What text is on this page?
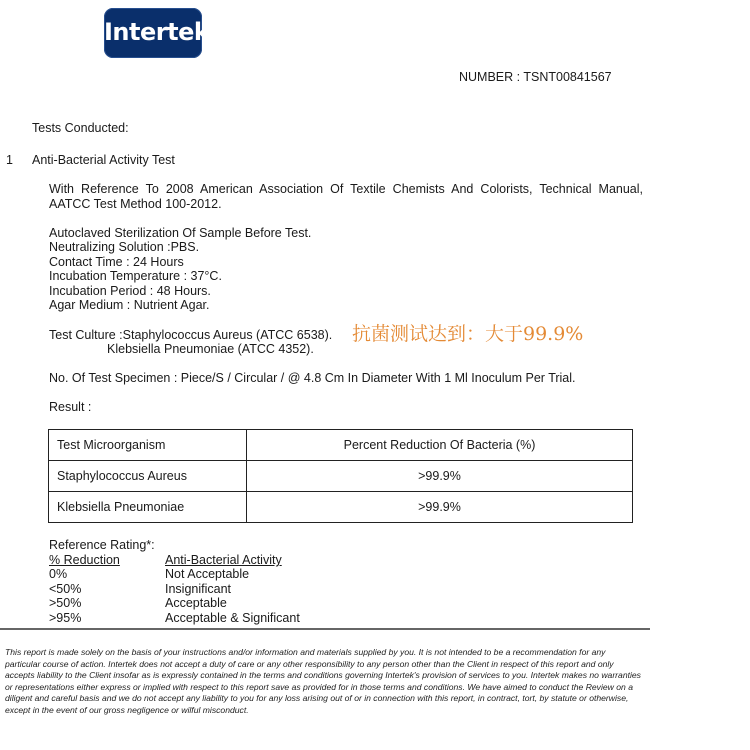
Intertek
NUMBER : TSNT00841567
Tests Conducted:
1 Anti-Bacterial Activity Test
With Reference To 2008 American Association Of Textile Chemists And Colorists, Technical Manual, AATCC Test Method 100-2012.
Autoclaved Sterilization Of Sample Before Test.
Neutralizing Solution :PBS.
Contact Time : 24 Hours
Incubation Temperature : 37°C.
Incubation Period : 48 Hours.
Agar Medium : Nutrient Agar.
Test Culture :Staphylococcus Aureus (ATCC 6538).
Klebsiella Pneumoniae (ATCC 4352).
抗菌测试达到：大于99.9%
No. Of Test Specimen : Piece/S / Circular / @ 4.8 Cm In Diameter With 1 Ml Inoculum Per Trial.
Result :
Test Microorganism	Percent Reduction Of Bacteria (%)
Staphylococcus Aureus	>99.9%
Klebsiella Pneumoniae	>99.9%
Reference Rating*:
% Reduction	Anti-Bacterial Activity
0%	Not Acceptable
<50%	Insignificant
>50%	Acceptable
>95%	Acceptable & Significant
This report is made solely on the basis of your instructions and/or information and materials supplied by you. It is not intended to be a recommendation for any particular course of action. Intertek does not accept a duty of care or any other responsibility to any person other than the Client in respect of this report and only accepts liability to the Client insofar as is expressly contained in the terms and conditions governing Intertek's provision of services to you. Intertek makes no warranties or representations either express or implied with respect to this report save as provided for in those terms and conditions. We have aimed to conduct the Review on a diligent and careful basis and we do not accept any liability to you for any loss arising out of or in connection with this report, in contract, tort, by statute or otherwise, except in the event of our gross negligence or wilful misconduct.
